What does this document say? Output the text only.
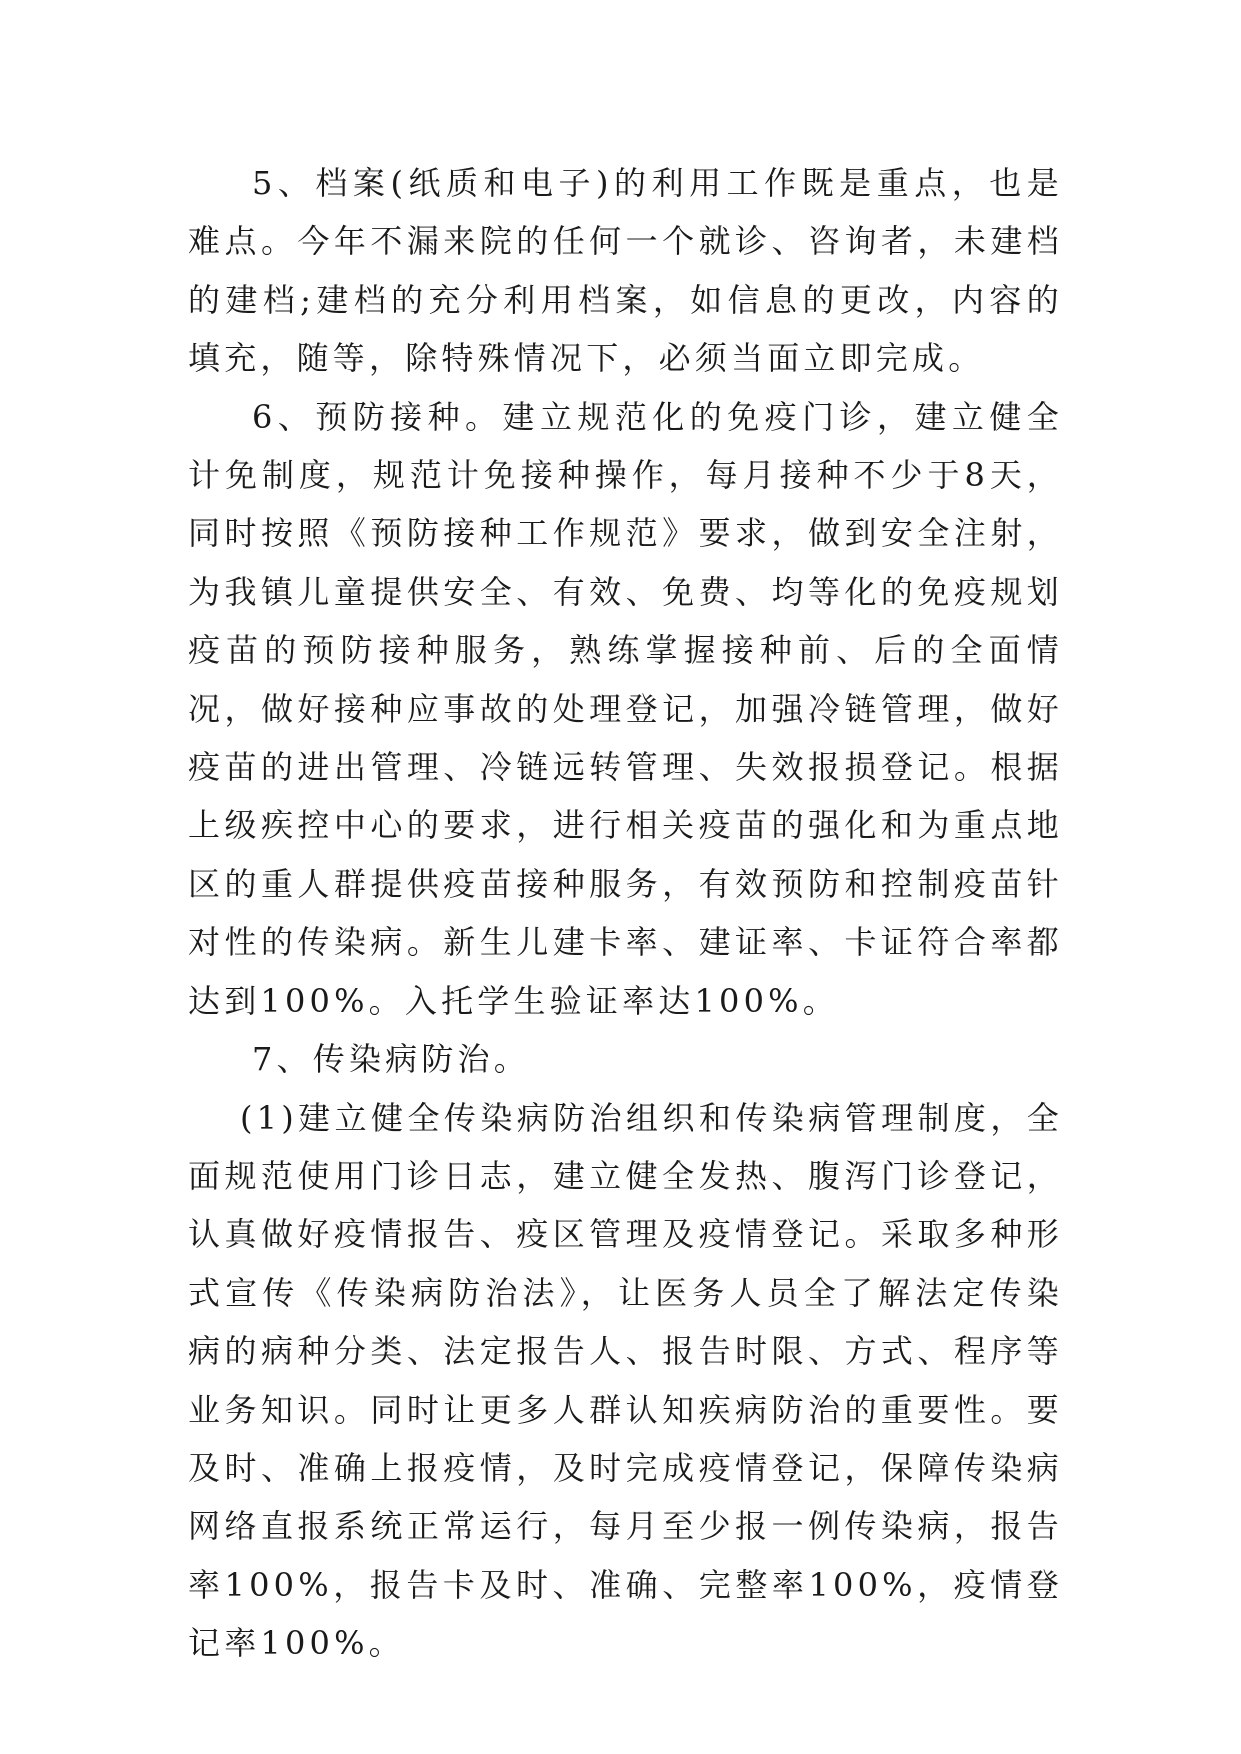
5、档案(纸质和电子)的利用工作既是重点，也是难点。今年不漏来院的任何一个就诊、咨询者，未建档的建档;建档的充分利用档案，如信息的更改，内容的填充，随等，除特殊情况下，必须当面立即完成。

6、预防接种。建立规范化的免疫门诊，建立健全计免制度，规范计免接种操作，每月接种不少于8天，同时按照《预防接种工作规范》要求，做到安全注射，为我镇儿童提供安全、有效、免费、均等化的免疫规划疫苗的预防接种服务，熟练掌握接种前、后的全面情况，做好接种应事故的处理登记，加强冷链管理，做好疫苗的进出管理、冷链远转管理、失效报损登记。根据上级疾控中心的要求，进行相关疫苗的强化和为重点地区的重人群提供疫苗接种服务，有效预防和控制疫苗针对性的传染病。新生儿建卡率、建证率、卡证符合率都达到100%。入托学生验证率达100%。

7、传染病防治。

(1)建立健全传染病防治组织和传染病管理制度，全面规范使用门诊日志，建立健全发热、腹泻门诊登记，认真做好疫情报告、疫区管理及疫情登记。采取多种形式宣传《传染病防治法》，让医务人员全了解法定传染病的病种分类、法定报告人、报告时限、方式、程序等业务知识。同时让更多人群认知疾病防治的重要性。要及时、准确上报疫情，及时完成疫情登记，保障传染病网络直报系统正常运行，每月至少报一例传染病，报告率100%，报告卡及时、准确、完整率100%，疫情登记率100%。
